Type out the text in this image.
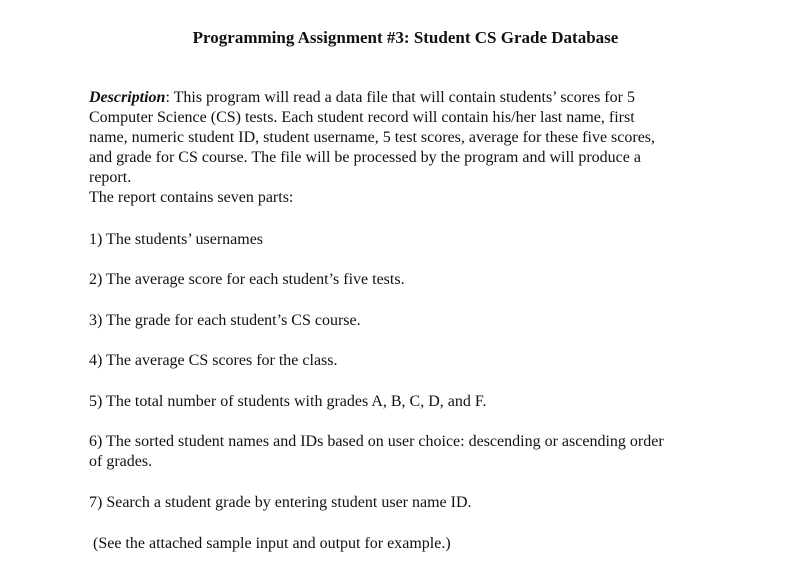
Programming Assignment #3: Student CS Grade Database
Description: This program will read a data file that will contain students’ scores for 5
Computer Science (CS) tests. Each student record will contain his/her last name, first
name, numeric student ID, student username, 5 test scores, average for these five scores,
and grade for CS course. The file will be processed by the program and will produce a
report.
The report contains seven parts:
1) The students’ usernames
2) The average score for each student’s five tests.
3) The grade for each student’s CS course.
4) The average CS scores for the class.
5) The total number of students with grades A, B, C, D, and F.
6) The sorted student names and IDs based on user choice: descending or ascending order
of grades.
7) Search a student grade by entering student user name ID.
(See the attached sample input and output for example.)
